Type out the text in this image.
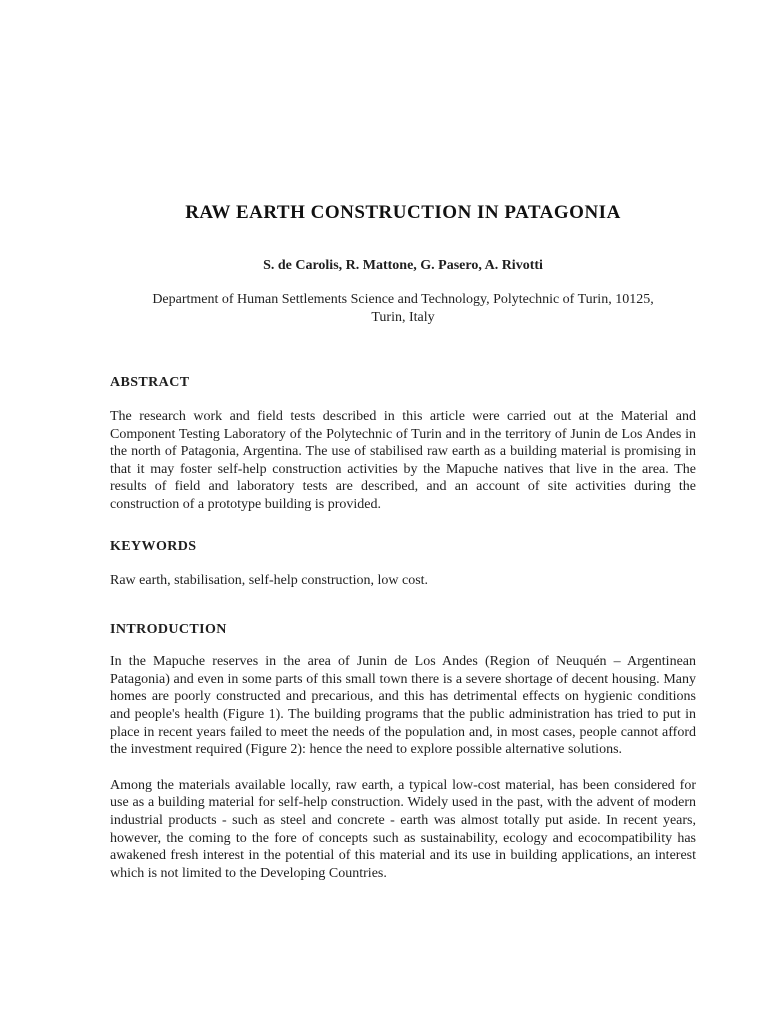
RAW EARTH CONSTRUCTION IN PATAGONIA
S. de Carolis, R. Mattone, G. Pasero, A. Rivotti
Department of Human Settlements Science and Technology, Polytechnic of Turin, 10125,
Turin, Italy
ABSTRACT

The research work and field tests described in this article were carried out at the Material and Component Testing Laboratory of the Polytechnic of Turin and in the territory of Junin de Los Andes in the north of Patagonia, Argentina. The use of stabilised raw earth as a building material is promising in that it may foster self-help construction activities by the Mapuche natives that live in the area. The results of field and laboratory tests are described, and an account of site activities during the construction of a prototype building is provided.

KEYWORDS

Raw earth, stabilisation, self-help construction, low cost.

INTRODUCTION

In the Mapuche reserves in the area of Junin de Los Andes (Region of Neuquén – Argentinean Patagonia) and even in some parts of this small town there is a severe shortage of decent housing. Many homes are poorly constructed and precarious, and this has detrimental effects on hygienic conditions and people's health (Figure 1). The building programs that the public administration has tried to put in place in recent years failed to meet the needs of the population and, in most cases, people cannot afford the investment required (Figure 2): hence the need to explore possible alternative solutions.

Among the materials available locally, raw earth, a typical low-cost material, has been considered for use as a building material for self-help construction. Widely used in the past, with the advent of modern industrial products - such as steel and concrete - earth was almost totally put aside. In recent years, however, the coming to the fore of concepts such as sustainability, ecology and ecocompatibility has awakened fresh interest in the potential of this material and its use in building applications, an interest which is not limited to the Developing Countries.
